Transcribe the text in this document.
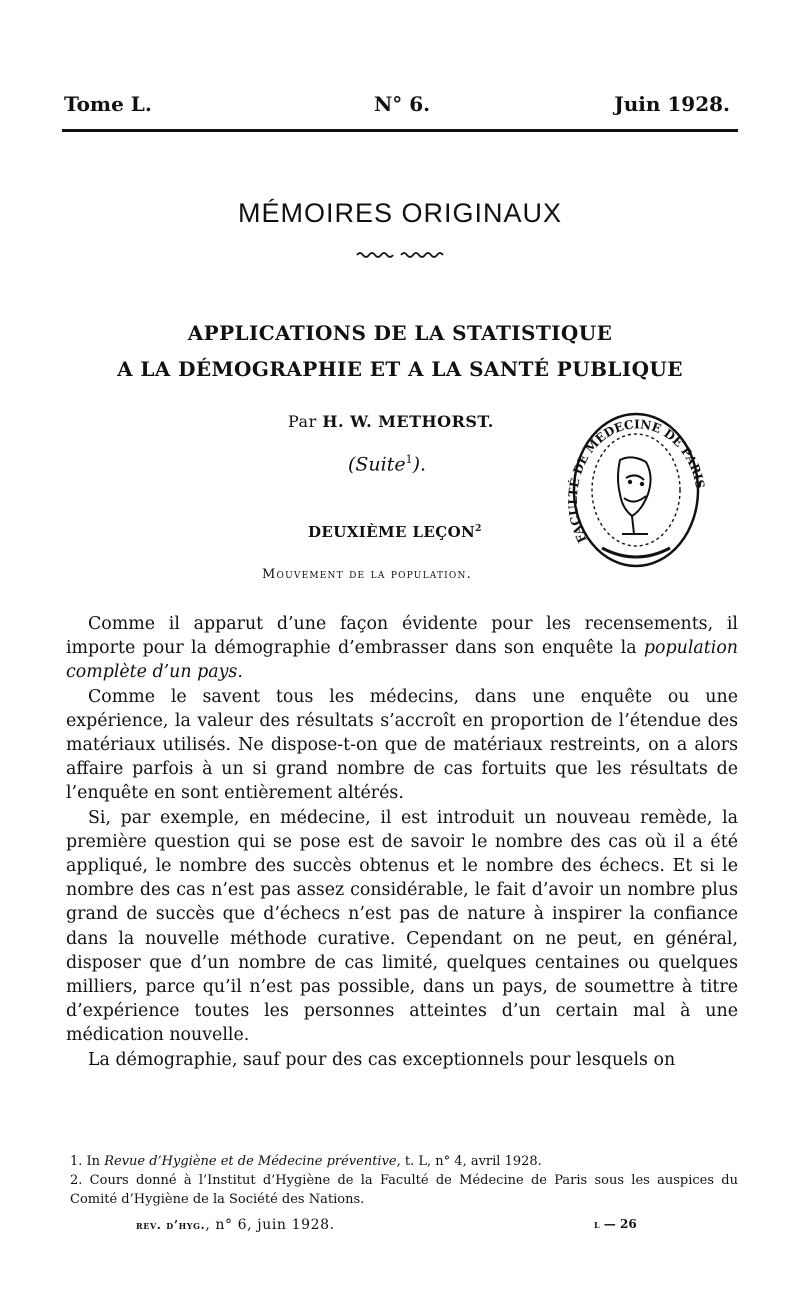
Tome L.	N° 6.	Juin 1928.
MÉMOIRES ORIGINAUX
APPLICATIONS DE LA STATISTIQUE
A LA DÉMOGRAPHIE ET A LA SANTÉ PUBLIQUE
Par H. W. METHORST.
(Suite$^1$).
DEUXIÈME LEÇON$^2$
Mouvement de la population.
FACULTÉ DE MÉDECINE DE PARIS

Comme il apparut d’une façon évidente pour les recensements, il importe pour la démographie d’embrasser dans son enquête la population complète d’un pays.

Comme le savent tous les médecins, dans une enquête ou une expérience, la valeur des résultats s’accroît en proportion de l’étendue des matériaux utilisés. Ne dispose-t-on que de matériaux restreints, on a alors affaire parfois à un si grand nombre de cas fortuits que les résultats de l’enquête en sont entièrement altérés.

Si, par exemple, en médecine, il est introduit un nouveau remède, la première question qui se pose est de savoir le nombre des cas où il a été appliqué, le nombre des succès obtenus et le nombre des échecs. Et si le nombre des cas n’est pas assez considérable, le fait d’avoir un nombre plus grand de succès que d’échecs n’est pas de nature à inspirer la confiance dans la nouvelle méthode curative. Cependant on ne peut, en général, disposer que d’un nombre de cas limité, quelques centaines ou quelques milliers, parce qu’il n’est pas possible, dans un pays, de soumettre à titre d’expérience toutes les personnes atteintes d’un certain mal à une médication nouvelle.

La démographie, sauf pour des cas exceptionnels pour lesquels on

1. In Revue d’Hygiène et de Médecine préventive, t. L, n° 4, avril 1928.
2. Cours donné à l’Institut d’Hygiène de la Faculté de Médecine de Paris sous les auspices du Comité d’Hygiène de la Société des Nations.
rev. d’hyg., n° 6, juin 1928.	l — 26
